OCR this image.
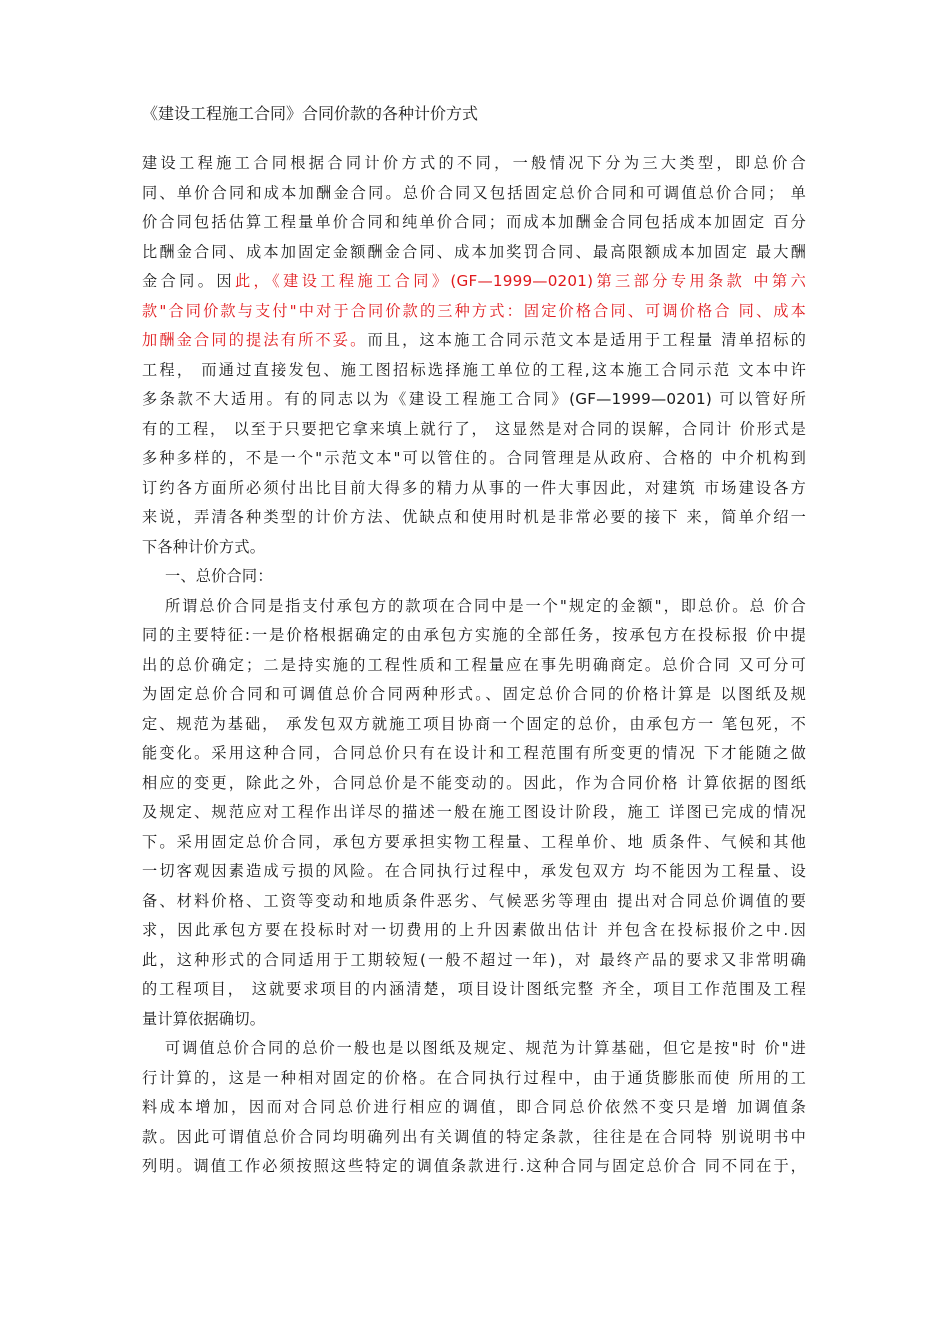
《建设工程施工合同》合同价款的各种计价方式
建设工程施工合同根据合同计价方式的不同，一般情况下分为三大类型，即总价合
同、单价合同和成本加酬金合同。总价合同又包括固定总价合同和可调值总价合同； 单
价合同包括估算工程量单价合同和纯单价合同；而成本加酬金合同包括成本加固定 百分
比酬金合同、成本加固定金额酬金合同、成本加奖罚合同、最高限额成本加固定 最大酬
金合同。因此，《建设工程施工合同》(GF—1999—0201)第三部分专用条款 中第六
款"合同价款与支付"中对于合同价款的三种方式：固定价格合同、可调价格合 同、成本
加酬金合同的提法有所不妥。而且，这本施工合同示范文本是适用于工程量 清单招标的
工程， 而通过直接发包、施工图招标选择施工单位的工程,这本施工合同示范 文本中许
多条款不大适用。有的同志以为《建设工程施工合同》(GF—1999—0201) 可以管好所
有的工程， 以至于只要把它拿来填上就行了， 这显然是对合同的误解，合同计 价形式是
多种多样的，不是一个"示范文本"可以管住的。合同管理是从政府、合格的 中介机构到
订约各方面所必须付出比目前大得多的精力从事的一件大事因此，对建筑 市场建设各方
来说，弄清各种类型的计价方法、优缺点和使用时机是非常必要的接下 来，简单介绍一
下各种计价方式。
一、总价合同：
所谓总价合同是指支付承包方的款项在合同中是一个"规定的金额"，即总价。总 价合
同的主要特征:一是价格根据确定的由承包方实施的全部任务，按承包方在投标报 价中提
出的总价确定；二是持实施的工程性质和工程量应在事先明确商定。总价合同 又可分可
为固定总价合同和可调值总价合同两种形式。、固定总价合同的价格计算是 以图纸及规
定、规范为基础， 承发包双方就施工项目协商一个固定的总价，由承包方一 笔包死，不
能变化。采用这种合同，合同总价只有在设计和工程范围有所变更的情况 下才能随之做
相应的变更，除此之外，合同总价是不能变动的。因此，作为合同价格 计算依据的图纸
及规定、规范应对工程作出详尽的描述一般在施工图设计阶段，施工 详图已完成的情况
下。采用固定总价合同，承包方要承担实物工程量、工程单价、地 质条件、气候和其他
一切客观因素造成亏损的风险。在合同执行过程中，承发包双方 均不能因为工程量、设
备、材料价格、工资等变动和地质条件恶劣、气候恶劣等理由 提出对合同总价调值的要
求，因此承包方要在投标时对一切费用的上升因素做出估计 并包含在投标报价之中.因
此，这种形式的合同适用于工期较短(一般不超过一年)，对 最终产品的要求又非常明确
的工程项目， 这就要求项目的内涵清楚，项目设计图纸完整 齐全，项目工作范围及工程
量计算依据确切。
可调值总价合同的总价一般也是以图纸及规定、规范为计算基础，但它是按"时 价"进
行计算的，这是一种相对固定的价格。在合同执行过程中，由于通货膨胀而使 所用的工
料成本增加，因而对合同总价进行相应的调值，即合同总价依然不变只是增 加调值条
款。因此可谓值总价合同均明确列出有关调值的特定条款，往往是在合同特 别说明书中
列明。调值工作必须按照这些特定的调值条款进行.这种合同与固定总价合 同不同在于，
